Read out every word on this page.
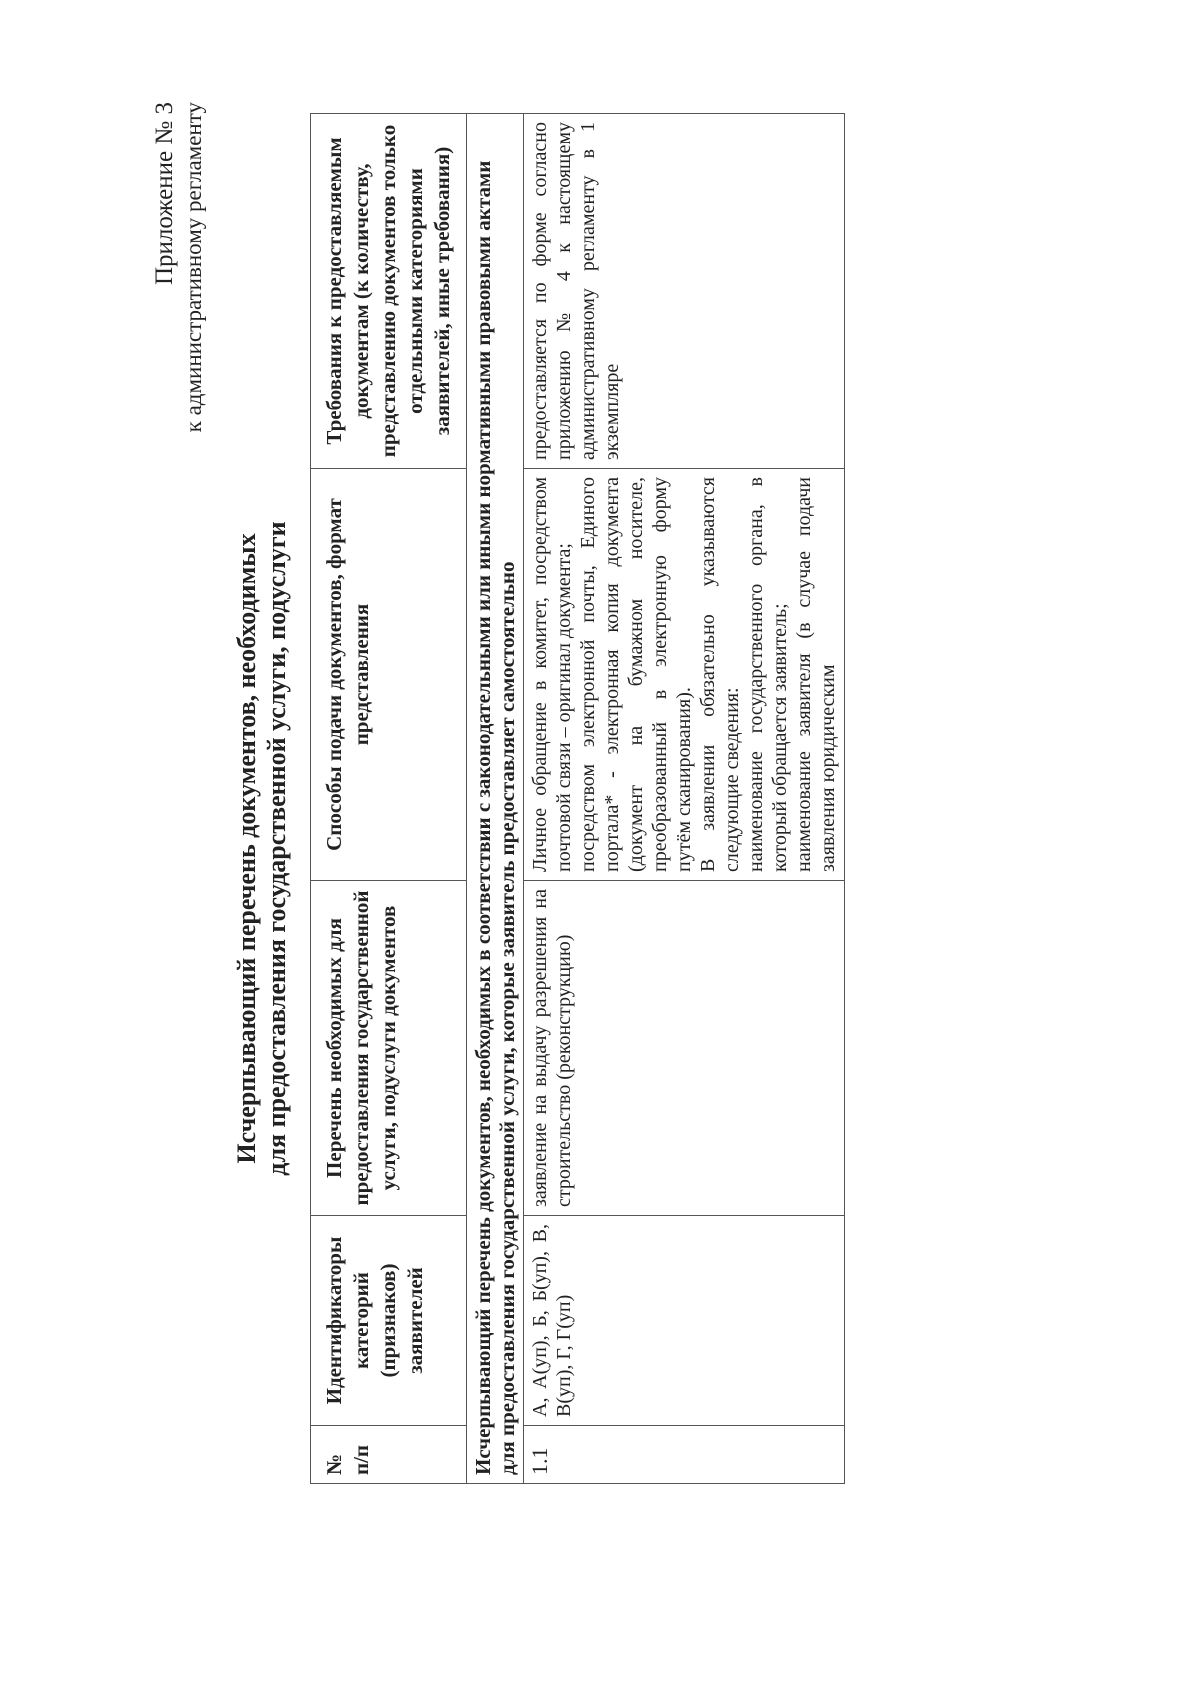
Приложение № 3 к административному регламенту
Исчерпывающий перечень документов, необходимых для предоставления государственной услуги, подуслуги
№ п/п	Идентификаторы категорий (признаков) заявителей	Перечень необходимых для предоставления государственной услуги, подуслуги документов	Способы подачи документов, формат представления	Требования к предоставляемым документам (к количеству, представлению документов только отдельными категориями заявителей, иные требования)
Исчерпывающий перечень документов, необходимых в соответствии с законодательными или иными нормативными правовыми актами для предоставления государственной услуги, которые заявитель предоставляет самостоятельно				
1.1	А, А(уп), Б, Б(уп), В, В(уп), Г, Г(уп)	заявление на выдачу разрешения на строительство (реконструкцию)	Личное обращение в комитет, посредством почтовой связи – оригинал документа; посредством электронной почты, Единого портала* - электронная копия документа (документ на бумажном носителе, преобразованный в электронную форму путём сканирования). В заявлении обязательно указываются следующие сведения: наименование государственного органа, в который обращается заявитель; наименование заявителя (в случае подачи заявления юридическим	предоставляется по форме согласно приложению № 4 к настоящему административному регламенту в 1 экземпляре
